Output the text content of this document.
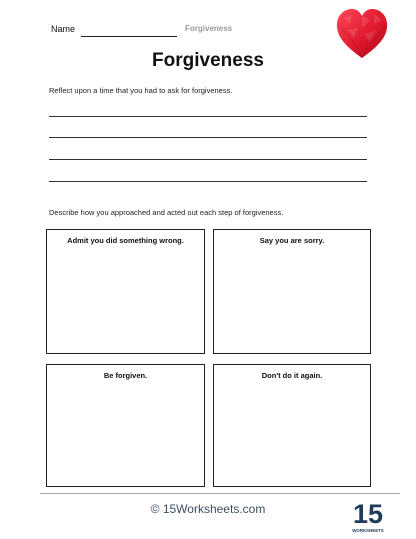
Name	Forgiveness
Forgiveness
Reflect upon a time that you had to ask for forgiveness.
Describe how you approached and acted out each step of forgiveness.
Admit you did something wrong.	Say you are sorry.
Be forgiven.	Don't do it again.
© 15Worksheets.com	15
WORKSHEETS
